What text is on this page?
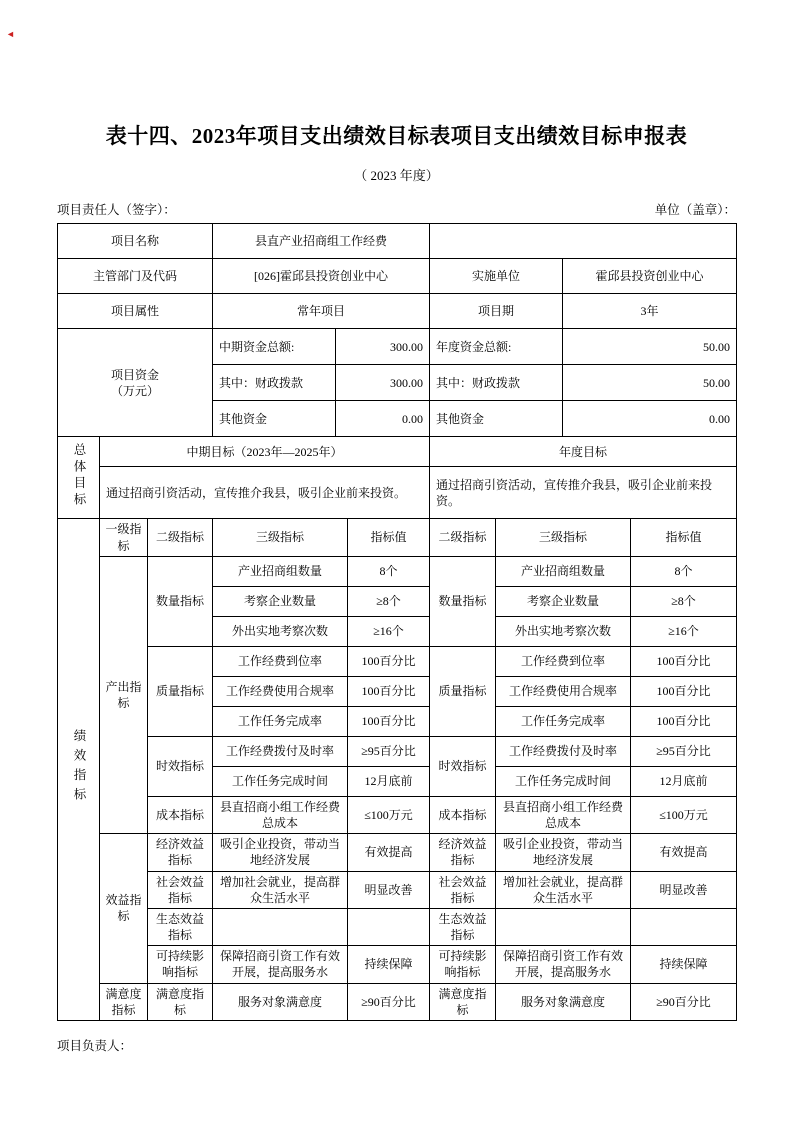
◄
表十四、2023年项目支出绩效目标表项目支出绩效目标申报表
（ 2023 年度）
项目责任人（签字）：	单位（盖章）：
项目名称	县直产业招商组工作经费		
主管部门及代码	[026]霍邱县投资创业中心	实施单位	霍邱县投资创业中心
项目属性	常年项目	项目期	3年
项目资金
（万元）	中期资金总额:	300.00	年度资金总额:	50.00
	其中：财政拨款	300.00	其中：财政拨款	50.00
	其他资金	0.00	其他资金	0.00
总体目标	中期目标（2023年—2025年）	年度目标
	通过招商引资活动，宣传推介我县，吸引企业前来投资。	通过招商引资活动，宣传推介我县，吸引企业前来投资。
绩效指标	一级指标	二级指标	三级指标	指标值	二级指标	三级指标	指标值
	产出指标	数量指标	产业招商组数量	8个	数量指标	产业招商组数量	8个
			考察企业数量	≥8个		考察企业数量	≥8个
			外出实地考察次数	≥16个		外出实地考察次数	≥16个
		质量指标	工作经费到位率	100百分比	质量指标	工作经费到位率	100百分比
			工作经费使用合规率	100百分比		工作经费使用合规率	100百分比
			工作任务完成率	100百分比		工作任务完成率	100百分比
		时效指标	工作经费拨付及时率	≥95百分比	时效指标	工作经费拨付及时率	≥95百分比
			工作任务完成时间	12月底前		工作任务完成时间	12月底前
		成本指标	县直招商小组工作经费总成本	≤100万元	成本指标	县直招商小组工作经费总成本	≤100万元
	效益指标	经济效益指标	吸引企业投资，带动当地经济发展	有效提高	经济效益指标	吸引企业投资，带动当地经济发展	有效提高
		社会效益指标	增加社会就业，提高群众生活水平	明显改善	社会效益指标	增加社会就业，提高群众生活水平	明显改善
		生态效益指标			生态效益指标		
		可持续影响指标	保障招商引资工作有效开展，提高服务水	持续保障	可持续影响指标	保障招商引资工作有效开展，提高服务水	持续保障
	满意度指标	满意度指标	服务对象满意度	≥90百分比	满意度指标	服务对象满意度	≥90百分比
项目负责人：
